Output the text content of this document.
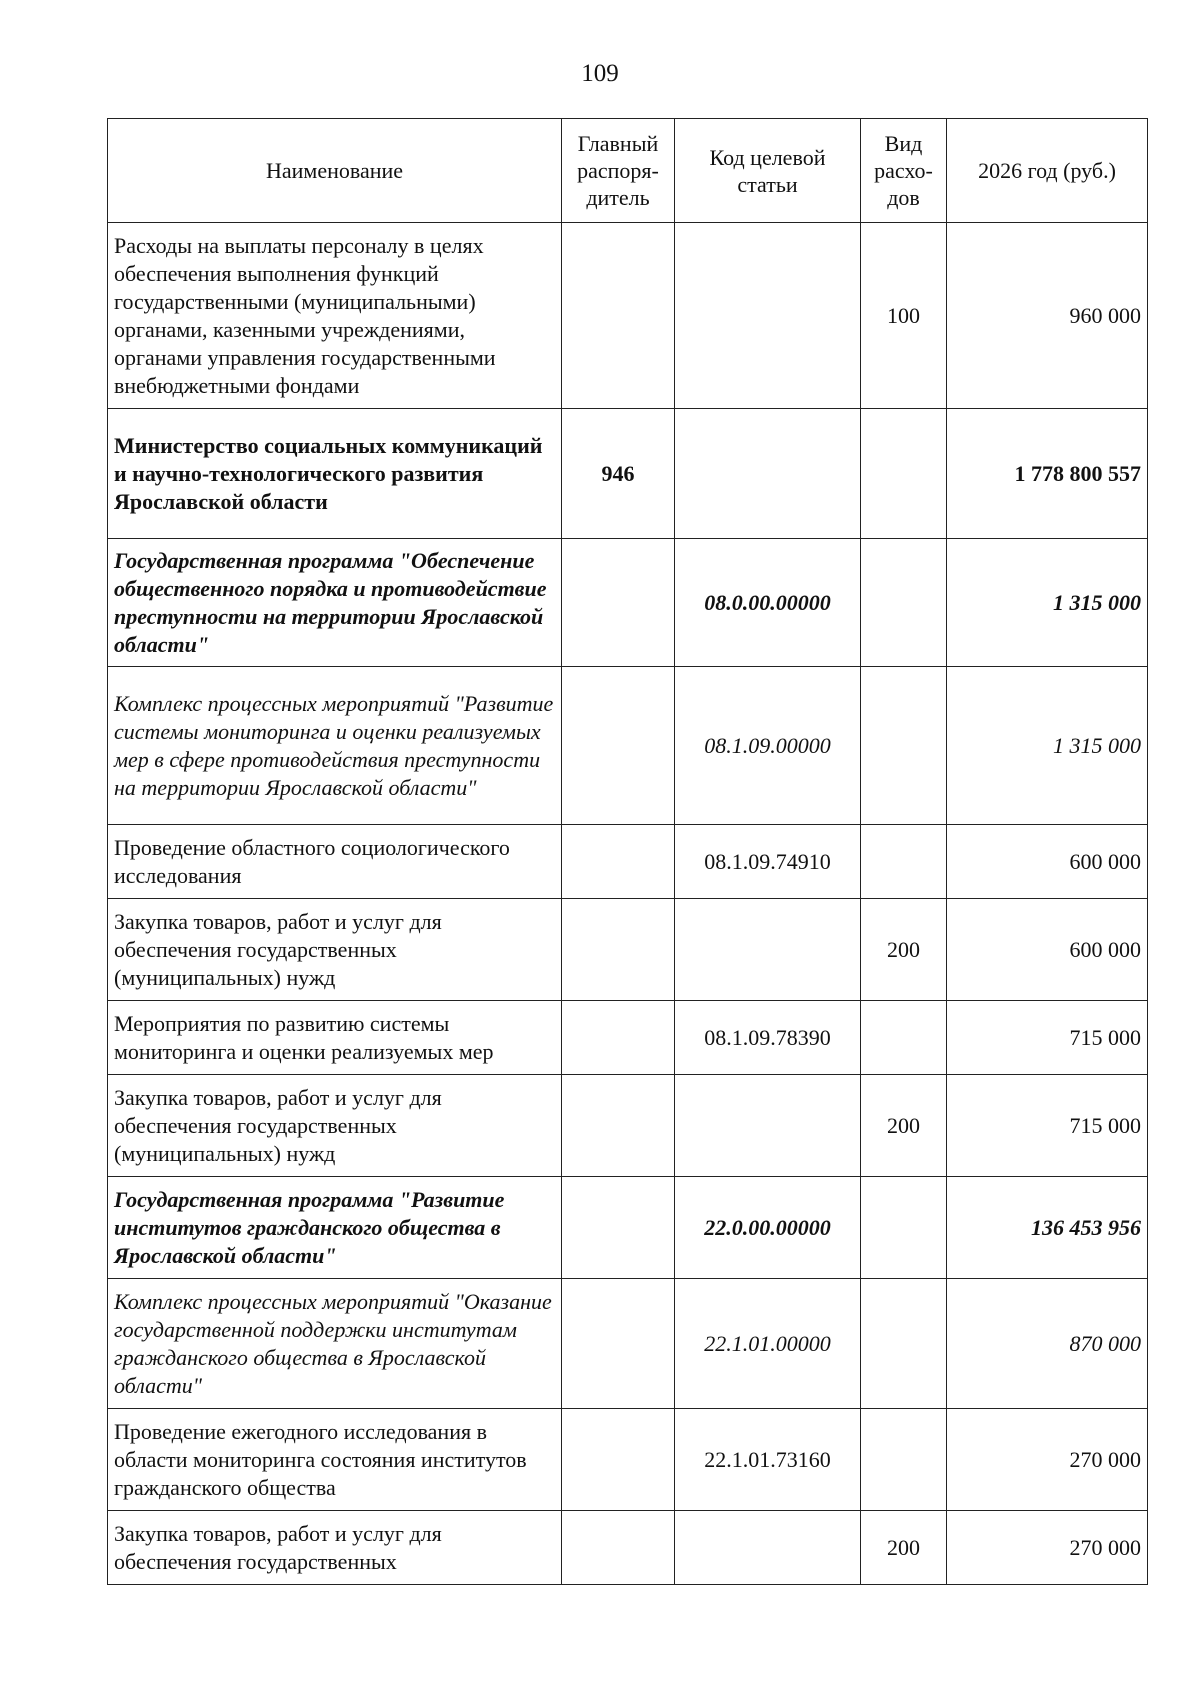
109
Наименование	Главный распоря-дитель	Код целевой статьи	Вид расхо-дов	2026 год (руб.)
Расходы на выплаты персоналу в целях обеспечения выполнения функций государственными (муниципальными) органами, казенными учреждениями, органами управления государственными внебюджетными фондами			100	960 000
Министерство социальных коммуникаций и научно-технологического развития Ярославской области	946			1 778 800 557
Государственная программа "Обеспечение общественного порядка и противодействие преступности на территории Ярославской области"		08.0.00.00000		1 315 000
Комплекс процессных мероприятий "Развитие системы мониторинга и оценки реализуемых мер в сфере противодействия преступности на территории Ярославской области"		08.1.09.00000		1 315 000
Проведение областного социологического исследования		08.1.09.74910		600 000
Закупка товаров, работ и услуг для обеспечения государственных (муниципальных) нужд			200	600 000
Мероприятия по развитию системы мониторинга и оценки реализуемых мер		08.1.09.78390		715 000
Закупка товаров, работ и услуг для обеспечения государственных (муниципальных) нужд			200	715 000
Государственная программа "Развитие институтов гражданского общества в Ярославской области"		22.0.00.00000		136 453 956
Комплекс процессных мероприятий "Оказание государственной поддержки институтам гражданского общества в Ярославской области"		22.1.01.00000		870 000
Проведение ежегодного исследования в области мониторинга состояния институтов гражданского общества		22.1.01.73160		270 000
Закупка товаров, работ и услуг для обеспечения государственных			200	270 000
